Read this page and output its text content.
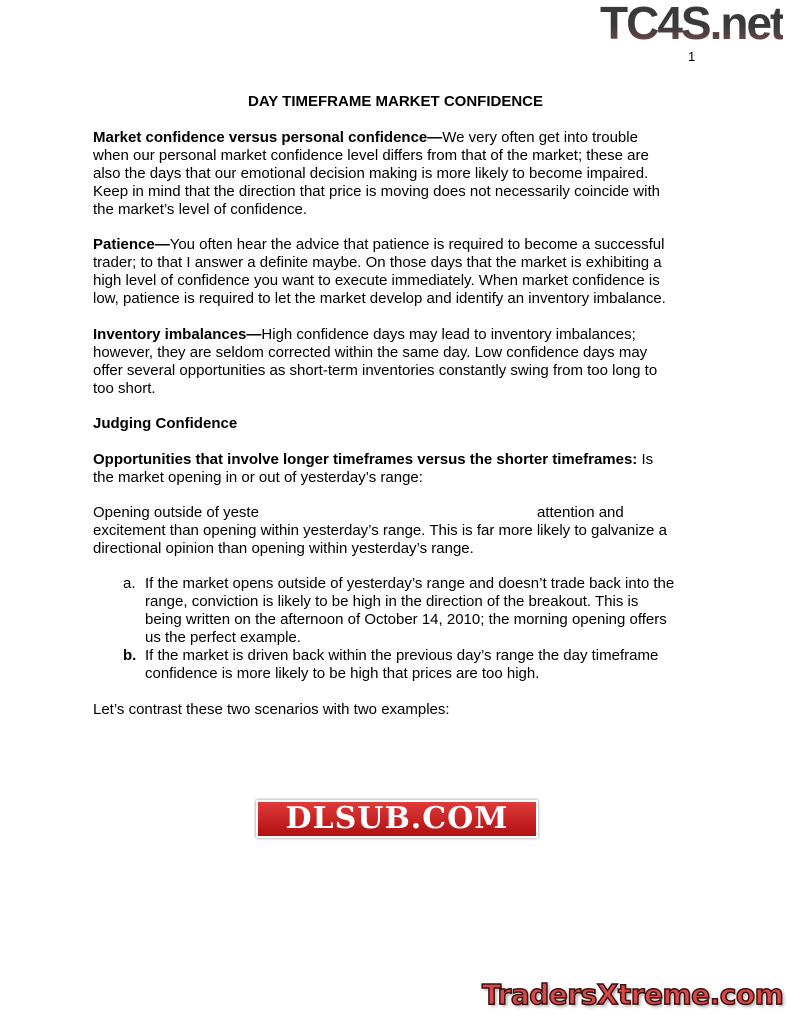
TC4S.net
1
DAY TIMEFRAME MARKET CONFIDENCE
Market confidence versus personal confidence—We very often get into trouble
when our personal market confidence level differs from that of the market; these are
also the days that our emotional decision making is more likely to become impaired.
Keep in mind that the direction that price is moving does not necessarily coincide with
the market’s level of confidence.
Patience—You often hear the advice that patience is required to become a successful
trader; to that I answer a definite maybe. On those days that the market is exhibiting a
high level of confidence you want to execute immediately. When market confidence is
low, patience is required to let the market develop and identify an inventory imbalance.
Inventory imbalances—High confidence days may lead to inventory imbalances;
however, they are seldom corrected within the same day. Low confidence days may
offer several opportunities as short-term inventories constantly swing from too long to
too short.
Judging Confidence
Opportunities that involve longer timeframes versus the shorter timeframes: Is
the market opening in or out of yesterday’s range:
Opening outside of yeste	attention and
excitement than opening within yesterday’s range. This is far more likely to galvanize a
directional opinion than opening within yesterday’s range.
a. If the market opens outside of yesterday’s range and doesn’t trade back into the
range, conviction is likely to be high in the direction of the breakout. This is
being written on the afternoon of October 14, 2010; the morning opening offers
us the perfect example.
b. If the market is driven back within the previous day’s range the day timeframe
confidence is more likely to be high that prices are too high.
Let’s contrast these two scenarios with two examples:
DLSUB.COM
TradersXtreme.com
